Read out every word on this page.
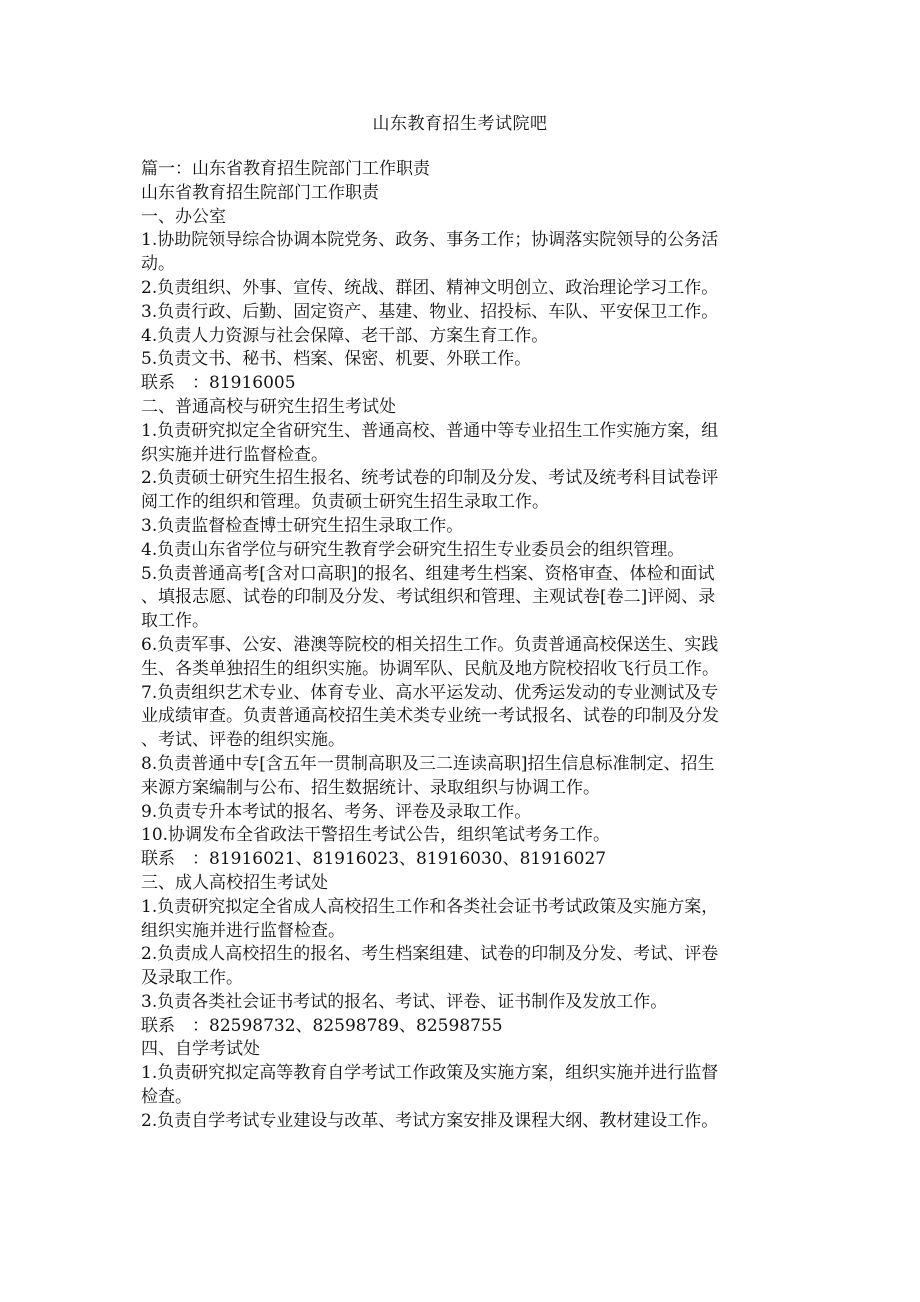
山东教育招生考试院吧
篇一：山东省教育招生院部门工作职责
山东省教育招生院部门工作职责
一、办公室
1.协助院领导综合协调本院党务、政务、事务工作；协调落实院领导的公务活
动。
2.负责组织、外事、宣传、统战、群团、精神文明创立、政治理论学习工作。
3.负责行政、后勤、固定资产、基建、物业、招投标、车队、平安保卫工作。
4.负责人力资源与社会保障、老干部、方案生育工作。
5.负责文书、秘书、档案、保密、机要、外联工作。
联系　：81916005
二、普通高校与研究生招生考试处
1.负责研究拟定全省研究生、普通高校、普通中等专业招生工作实施方案，组
织实施并进行监督检查。
2.负责硕士研究生招生报名、统考试卷的印制及分发、考试及统考科目试卷评
阅工作的组织和管理。负责硕士研究生招生录取工作。
3.负责监督检查博士研究生招生录取工作。
4.负责山东省学位与研究生教育学会研究生招生专业委员会的组织管理。
5.负责普通高考[含对口高职]的报名、组建考生档案、资格审查、体检和面试
、填报志愿、试卷的印制及分发、考试组织和管理、主观试卷[卷二]评阅、录
取工作。
6.负责军事、公安、港澳等院校的相关招生工作。负责普通高校保送生、实践
生、各类单独招生的组织实施。协调军队、民航及地方院校招收飞行员工作。
7.负责组织艺术专业、体育专业、高水平运发动、优秀运发动的专业测试及专
业成绩审查。负责普通高校招生美术类专业统一考试报名、试卷的印制及分发
、考试、评卷的组织实施。
8.负责普通中专[含五年一贯制高职及三二连读高职]招生信息标准制定、招生
来源方案编制与公布、招生数据统计、录取组织与协调工作。
9.负责专升本考试的报名、考务、评卷及录取工作。
10.协调发布全省政法干警招生考试公告，组织笔试考务工作。
联系　：81916021、81916023、81916030、81916027
三、成人高校招生考试处
1.负责研究拟定全省成人高校招生工作和各类社会证书考试政策及实施方案，
组织实施并进行监督检查。
2.负责成人高校招生的报名、考生档案组建、试卷的印制及分发、考试、评卷
及录取工作。
3.负责各类社会证书考试的报名、考试、评卷、证书制作及发放工作。
联系　：82598732、82598789、82598755
四、自学考试处
1.负责研究拟定高等教育自学考试工作政策及实施方案，组织实施并进行监督
检查。
2.负责自学考试专业建设与改革、考试方案安排及课程大纲、教材建设工作。
